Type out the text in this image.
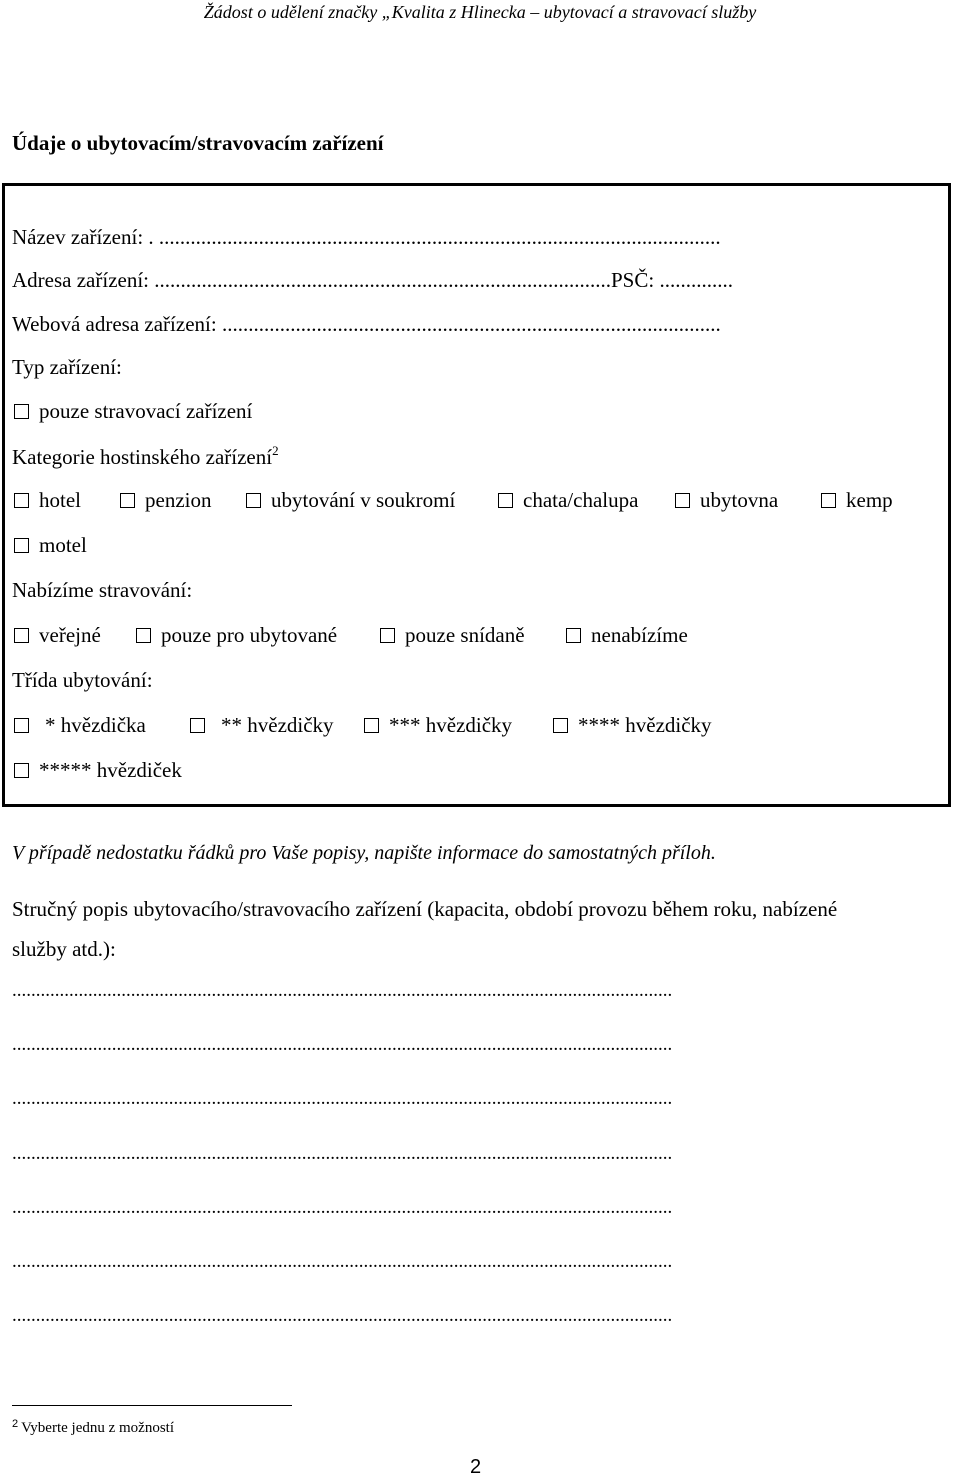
Žádost o udělení značky „Kvalita z Hlinecka – ubytovací a stravovací služby
Údaje o ubytovacím/stravovacím zařízení
Název zařízení: . ...........................................................................................................
Adresa zařízení: .......................................................................................PSČ: ..............
Webová adresa zařízení: ...............................................................................................
Typ zařízení:
pouze stravovací zařízení
Kategorie hostinského zařízení$^2$
hotel	penzion	ubytování v soukromí	chata/chalupa	ubytovna	kemp
motel
Nabízíme stravování:
veřejné	pouze pro ubytované	pouze snídaně	nenabízíme
Třída ubytování:
* hvězdička	** hvězdičky	*** hvězdičky	**** hvězdičky
***** hvězdiček
V případě nedostatku řádků pro Vaše popisy, napište informace do samostatných příloh.
Stručný popis ubytovacího/stravovacího zařízení (kapacita, období provozu během roku, nabízené
služby atd.):
...........................................................................................................................................
...........................................................................................................................................
...........................................................................................................................................
...........................................................................................................................................
...........................................................................................................................................
...........................................................................................................................................
...........................................................................................................................................
$^2$ Vyberte jednu z možností
2
